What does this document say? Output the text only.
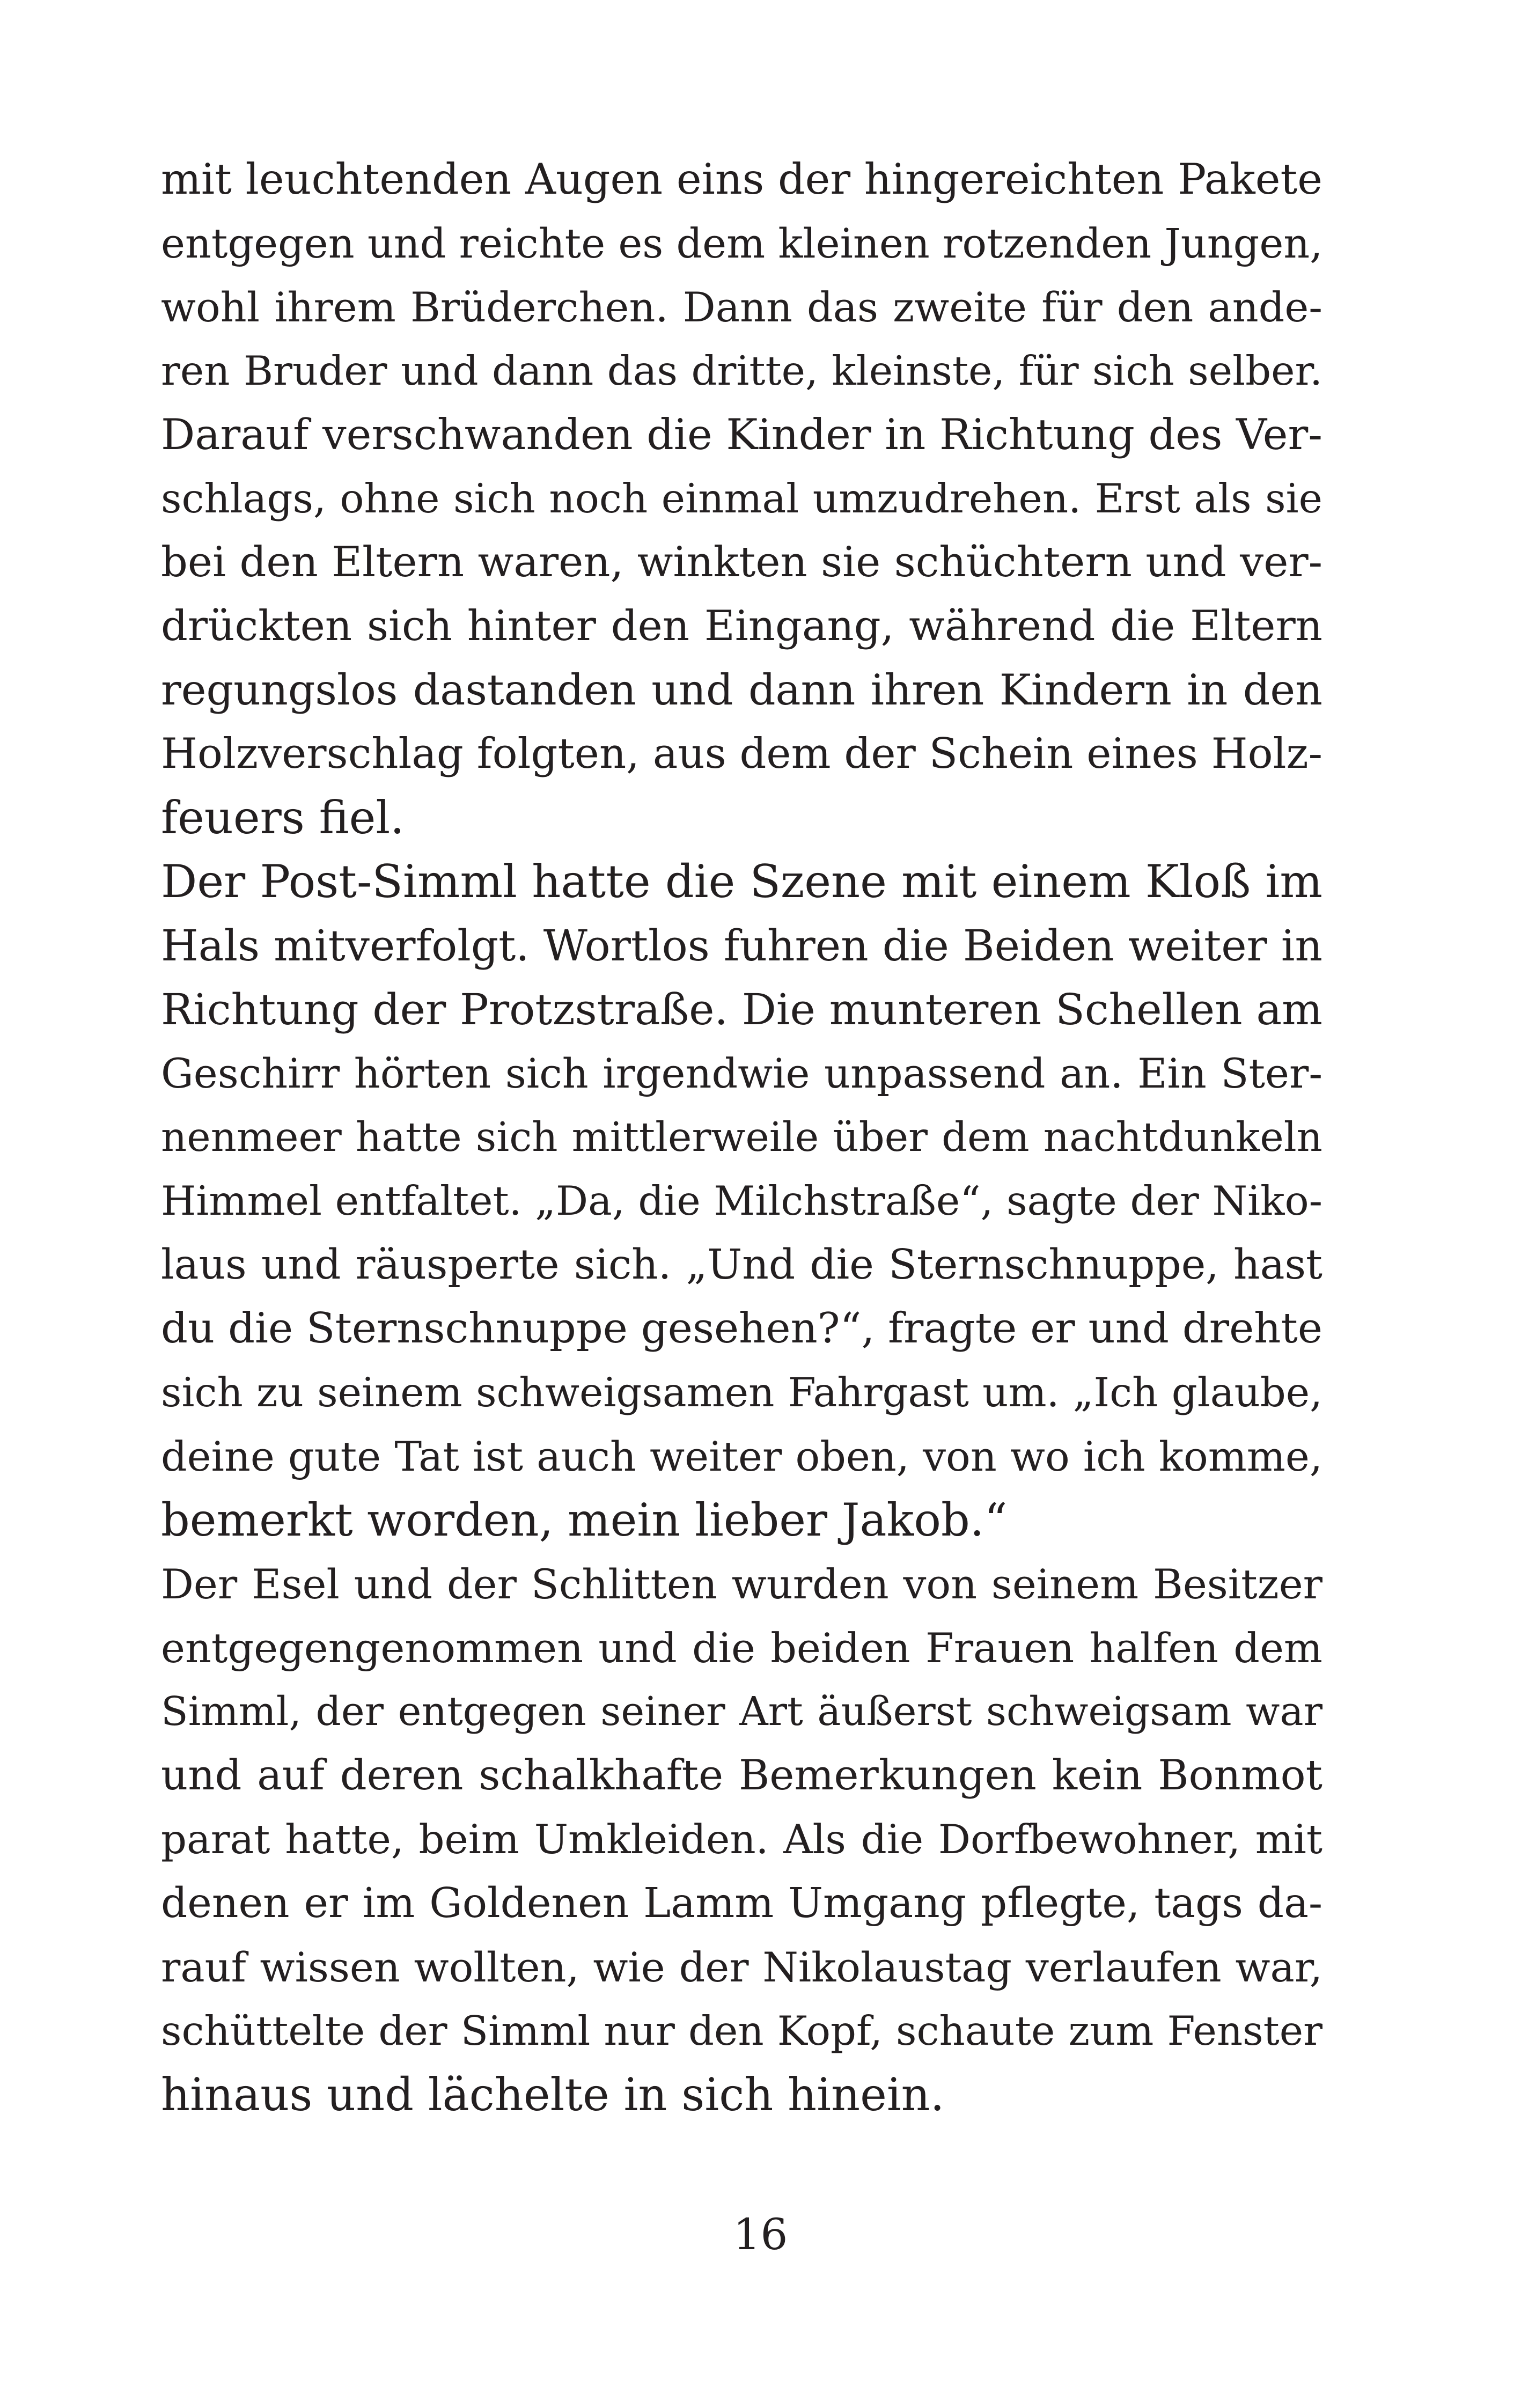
mit leuchtenden Augen eins der hingereichten Pakete
entgegen und reichte es dem kleinen rotzenden Jungen,
wohl ihrem Brüderchen. Dann das zweite für den ande-
ren Bruder und dann das dritte, kleinste, für sich selber.
Darauf verschwanden die Kinder in Richtung des Ver-
schlags, ohne sich noch einmal umzudrehen. Erst als sie
bei den Eltern waren, winkten sie schüchtern und ver-
drückten sich hinter den Eingang, während die Eltern
regungslos dastanden und dann ihren Kindern in den
Holzverschlag folgten, aus dem der Schein eines Holz-
feuers fiel.
Der Post-Simml hatte die Szene mit einem Kloß im
Hals mitverfolgt. Wortlos fuhren die Beiden weiter in
Richtung der Protzstraße. Die munteren Schellen am
Geschirr hörten sich irgendwie unpassend an. Ein Ster-
nenmeer hatte sich mittlerweile über dem nachtdunkeln
Himmel entfaltet. „Da, die Milchstraße“, sagte der Niko-
laus und räusperte sich. „Und die Sternschnuppe, hast
du die Sternschnuppe gesehen?“, fragte er und drehte
sich zu seinem schweigsamen Fahrgast um. „Ich glaube,
deine gute Tat ist auch weiter oben, von wo ich komme,
bemerkt worden, mein lieber Jakob.“
Der Esel und der Schlitten wurden von seinem Besitzer
entgegengenommen und die beiden Frauen halfen dem
Simml, der entgegen seiner Art äußerst schweigsam war
und auf deren schalkhafte Bemerkungen kein Bonmot
parat hatte, beim Umkleiden. Als die Dorfbewohner, mit
denen er im Goldenen Lamm Umgang pflegte, tags da-
rauf wissen wollten, wie der Nikolaustag verlaufen war,
schüttelte der Simml nur den Kopf, schaute zum Fenster
hinaus und lächelte in sich hinein.
16
